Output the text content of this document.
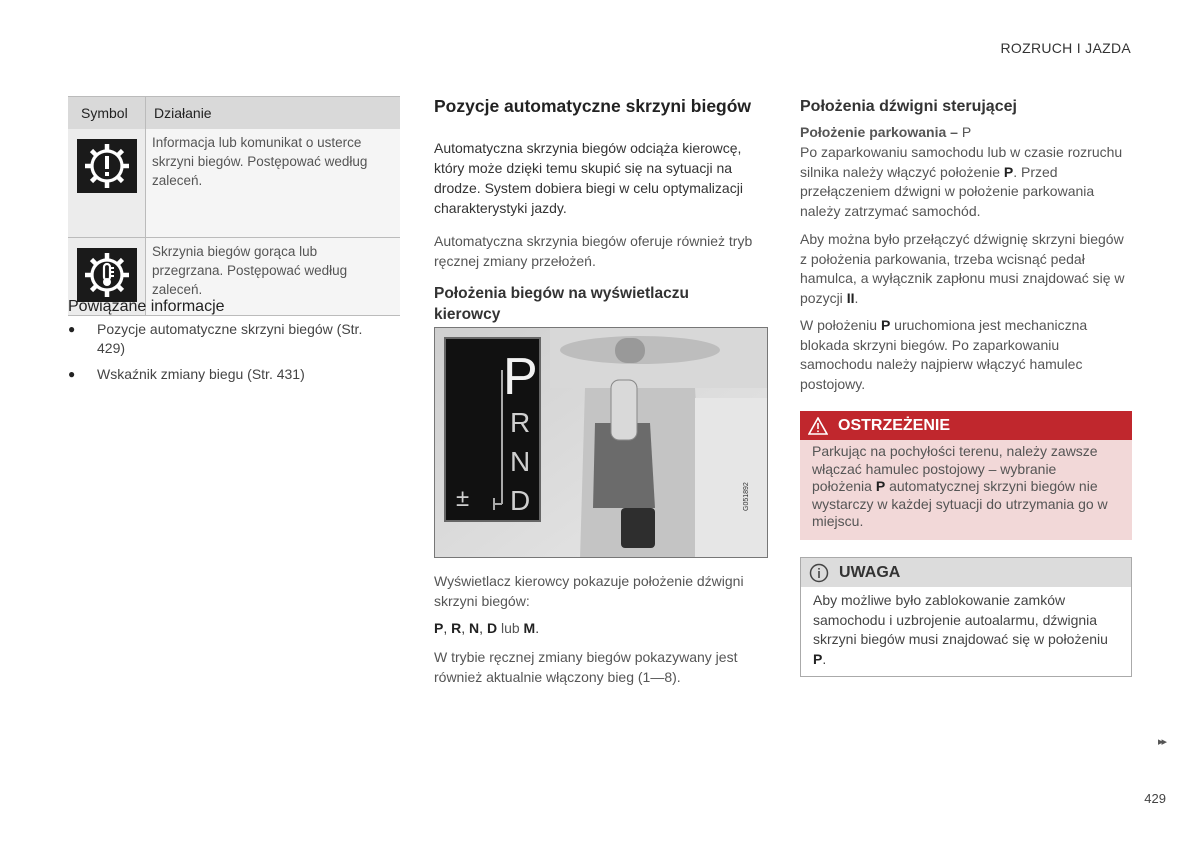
ROZRUCH I JAZDA
Symbol	Działanie
Informacja lub komunikat o usterce skrzyni biegów. Postępować według zaleceń.
Skrzynia biegów gorąca lub przegrzana. Postępować według zaleceń.
Powiązane informacje
● Pozycje automatyczne skrzyni biegów (Str. 429)
● Wskaźnik zmiany biegu (Str. 431)
Pozycje automatyczne skrzyni biegów
Automatyczna skrzynia biegów odciąża kierowcę, który może dzięki temu skupić się na sytuacji na drodze. System dobiera biegi w celu optymalizacji charakterystyki jazdy.
Automatyczna skrzynia biegów oferuje również tryb ręcznej zmiany przełożeń.
Położenia biegów na wyświetlaczu kierowcy
P
R
N
D
±	G051892
Wyświetlacz kierowcy pokazuje położenie dźwigni skrzyni biegów:
P, R, N, D lub M.
W trybie ręcznej zmiany biegów pokazywany jest również aktualnie włączony bieg (1—8).
Położenia dźwigni sterującej
Położenie parkowania – P
Po zaparkowaniu samochodu lub w czasie rozruchu silnika należy włączyć położenie P. Przed przełączeniem dźwigni w położenie parkowania należy zatrzymać samochód.
Aby można było przełączyć dźwignię skrzyni biegów z położenia parkowania, trzeba wcisnąć pedał hamulca, a wyłącznik zapłonu musi znajdować się w pozycji II.
W położeniu P uruchomiona jest mechaniczna blokada skrzyni biegów. Po zaparkowaniu samochodu należy najpierw włączyć hamulec postojowy.
OSTRZEŻENIE
Parkując na pochyłości terenu, należy zawsze włączać hamulec postojowy – wybranie położenia P automatycznej skrzyni biegów nie wystarczy w każdej sytuacji do utrzymania go w miejscu.
UWAGA
Aby możliwe było zablokowanie zamków samochodu i uzbrojenie autoalarmu, dźwignia skrzyni biegów musi znajdować się w położeniu P.
▸▸
429
